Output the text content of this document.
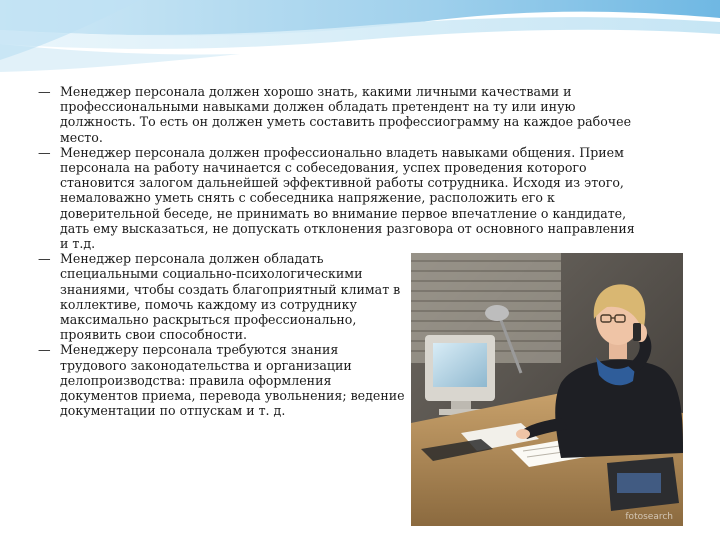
— Менеджер персонала должен хорошо знать, какими личными качествами и профессиональными навыками должен обладать претендент на ту или иную должность. То есть он должен уметь составить профессиограмму на каждое рабочее место.
— Менеджер персонала должен профессионально владеть навыками общения. Прием персонала на работу начинается с собеседования, успех проведения которого становится залогом дальнейшей эффективной работы сотрудника. Исходя из этого, немаловажно уметь снять с собеседника напряжение, расположить его к доверительной беседе, не принимать во внимание первое впечатление о кандидате, дать ему высказаться, не допускать отклонения разговора от основного направления и т.д.
— Менеджер персонала должен обладать специальными социально-психологическими знаниями, чтобы создать благоприятный климат в коллективе, помочь каждому из сотруднику максимально раскрыться профессионально, проявить свои способности.
— Менеджеру персонала требуются знания трудового законодательства и организации делопроизводства: правила оформления документов приема, перевода увольнения; ведение документации по отпускам и т. д.
fotosearch
